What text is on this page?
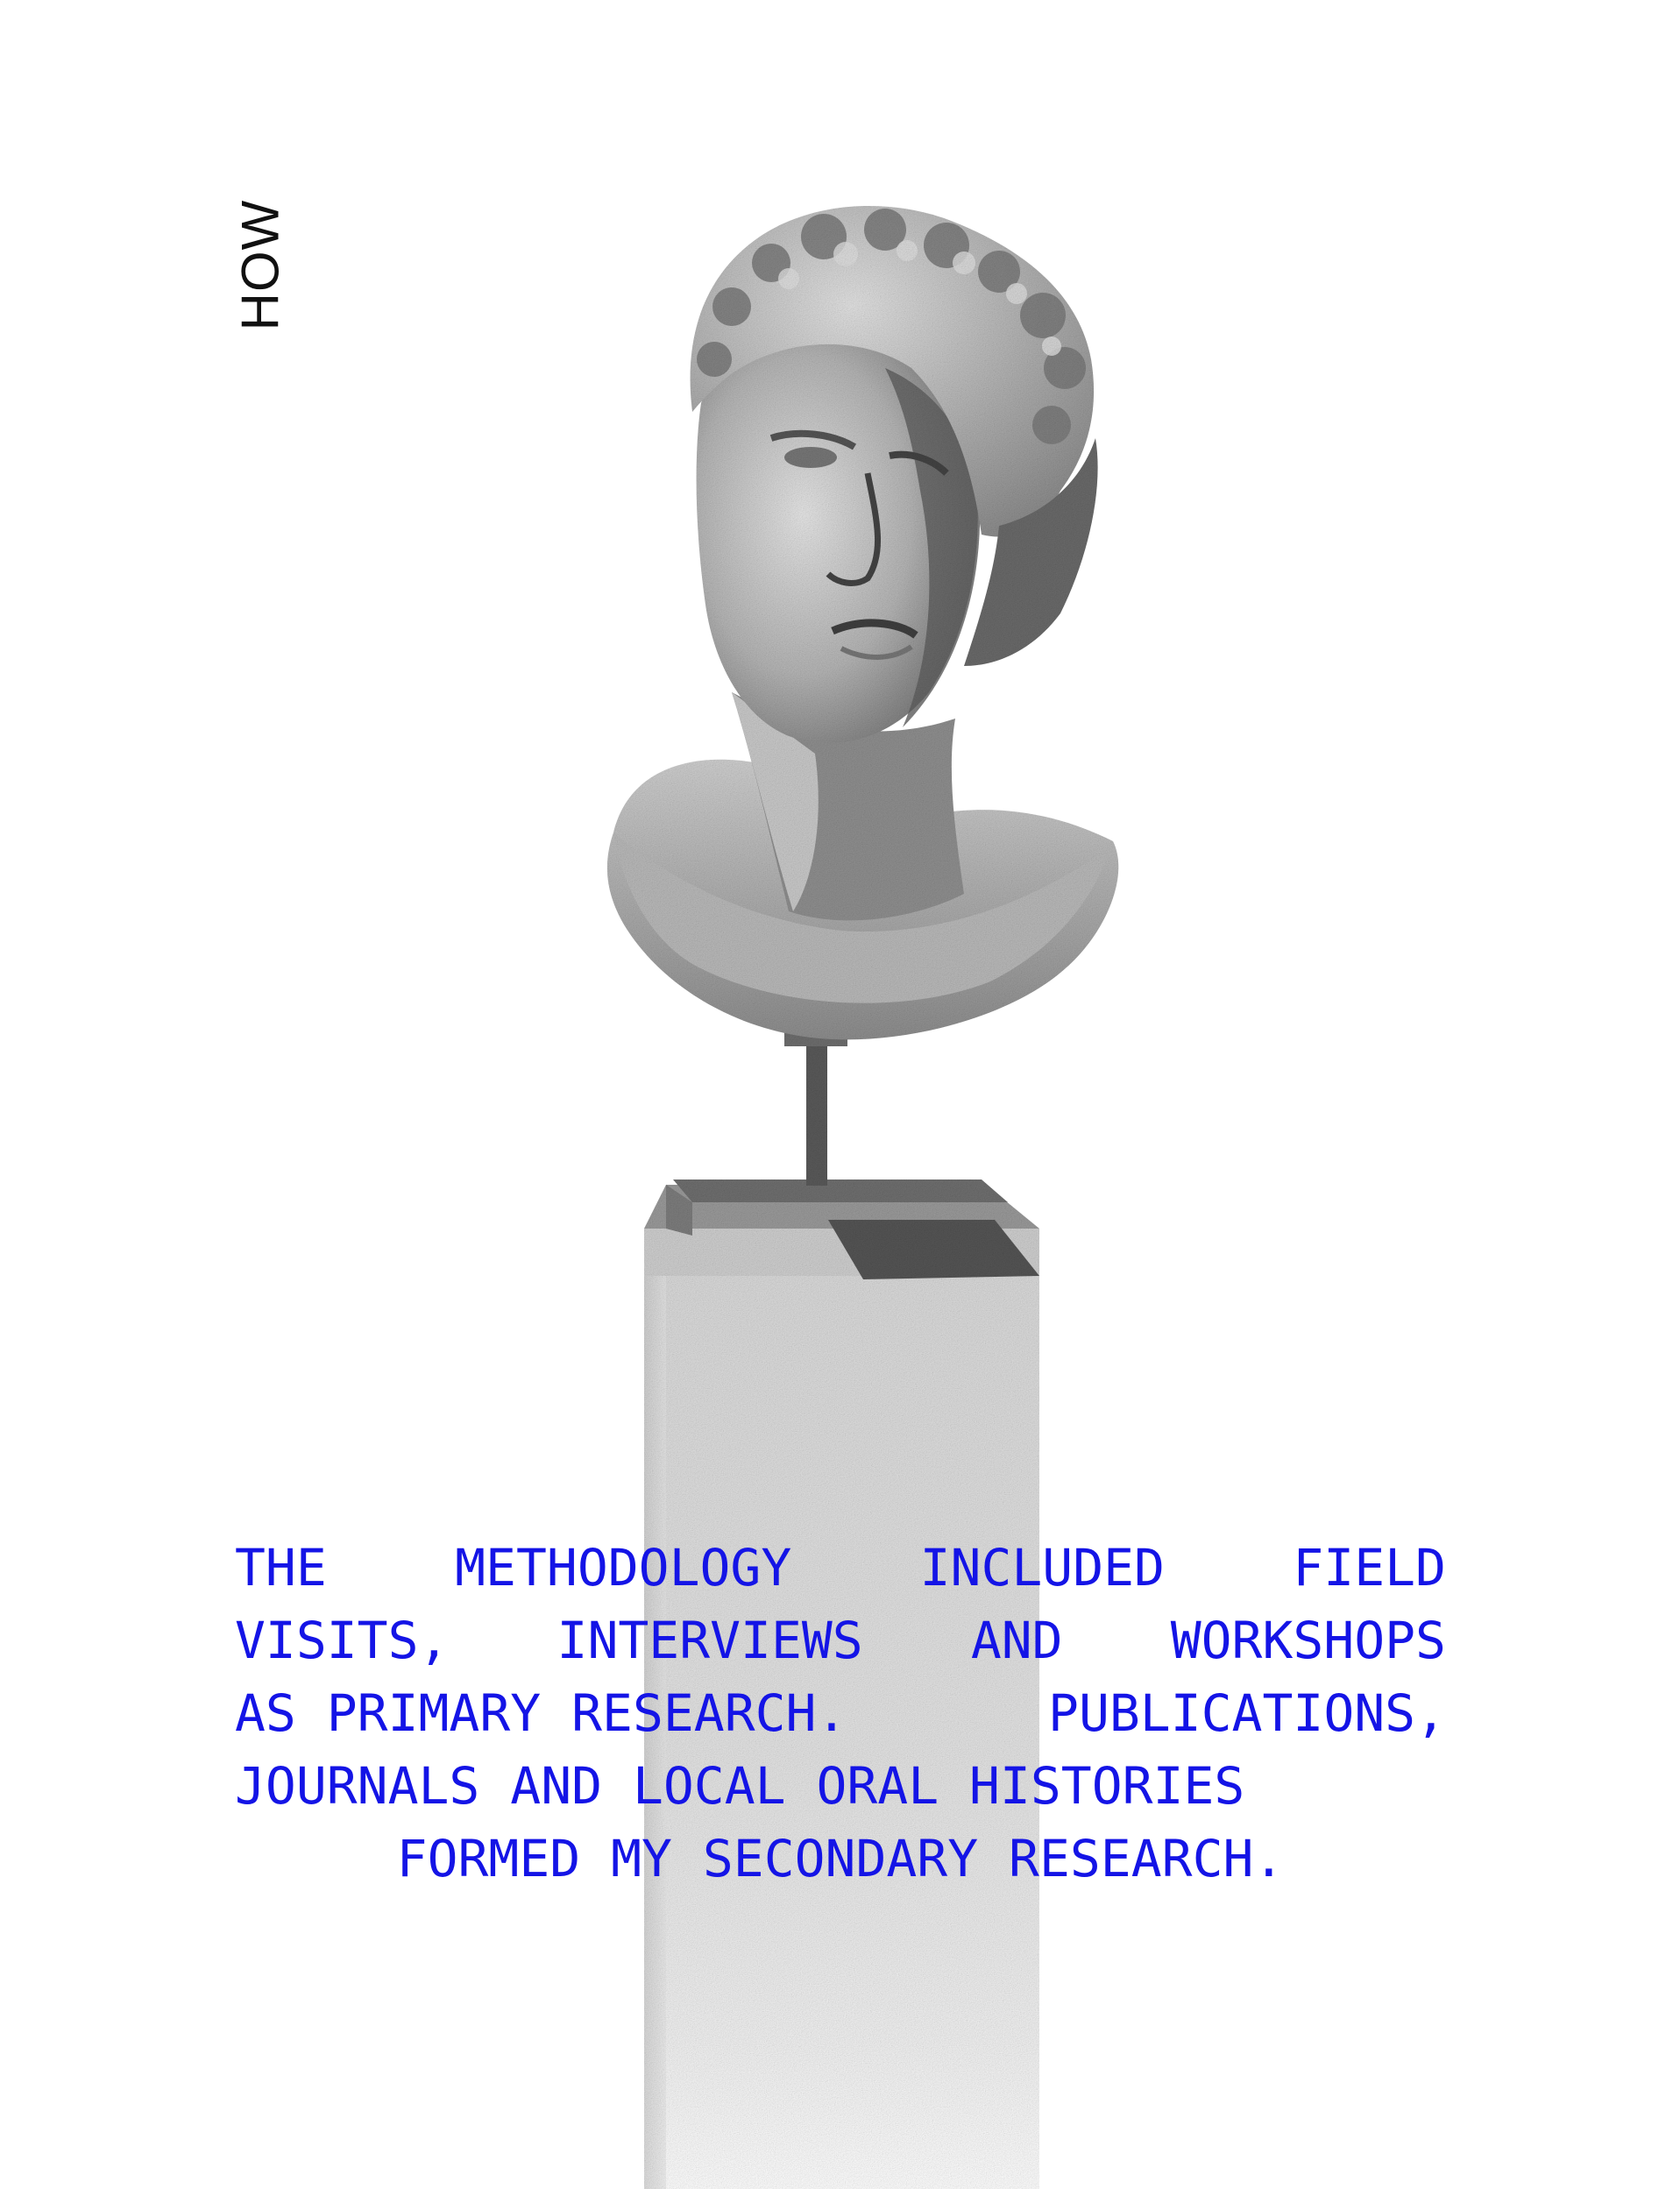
HOW
THE	METHODOLOGY	INCLUDED	FIELD
VISITS, INTERVIEWS AND WORKSHOPS
AS PRIMARY RESEARCH.	PUBLICATIONS,
JOURNALS AND LOCAL ORAL HISTORIES
FORMED MY SECONDARY RESEARCH.
